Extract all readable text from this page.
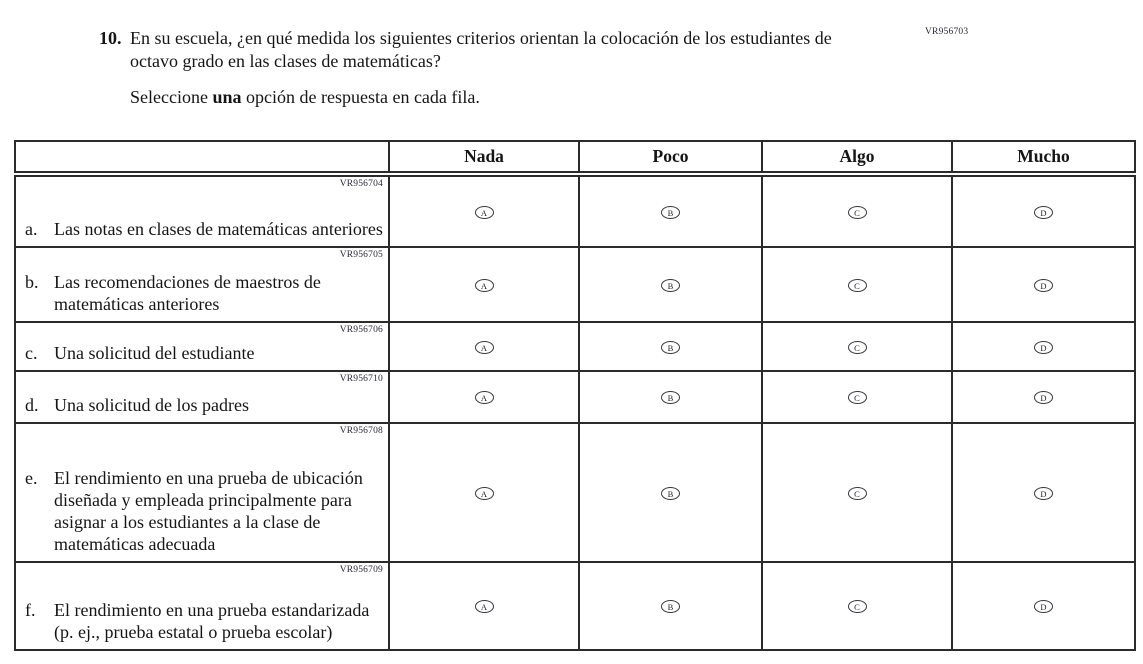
VR956703
10. En su escuela, ¿en qué medida los siguientes criterios orientan la colocación de los estudiantes de octavo grado en las clases de matemáticas?

Seleccione una opción de respuesta en cada fila.

	Nada	Poco	Algo	Mucho

VR956704
a. Las notas en clases de matemáticas anteriores	A	B	C	D

VR956705
b. Las recomendaciones de maestros de matemáticas anteriores	A	B	C	D

VR956706
c. Una solicitud del estudiante	A	B	C	D

VR956710
d. Una solicitud de los padres	A	B	C	D

VR956708
e. El rendimiento en una prueba de ubicación diseñada y empleada principalmente para asignar a los estudiantes a la clase de matemáticas adecuada	A	B	C	D

VR956709
f. El rendimiento en una prueba estandarizada (p. ej., prueba estatal o prueba escolar)	A	B	C	D
